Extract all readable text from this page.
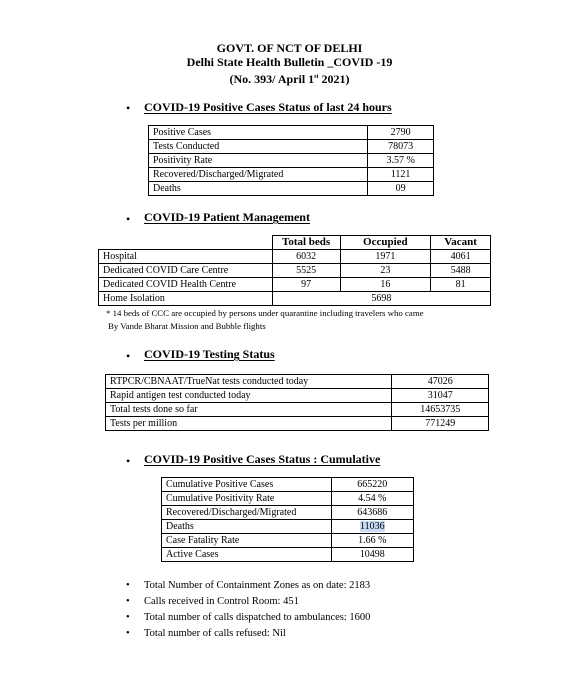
GOVT. OF NCT OF DELHI
Delhi State Health Bulletin _COVID -19
(No. 393/ April 1st 2021)
• COVID-19 Positive Cases Status of last 24 hours
Positive Cases	2790
Tests Conducted	78073
Positivity Rate	3.57 %
Recovered/Discharged/Migrated	1121
Deaths	09
• COVID-19 Patient Management
	Total beds	Occupied	Vacant
Hospital	6032	1971	4061
Dedicated COVID Care Centre	5525	23	5488
Dedicated COVID Health Centre	97	16	81
Home Isolation	5698		
* 14 beds of CCC are occupied by persons under quarantine including travelers who came
By Vande Bharat Mission and Bubble flights
• COVID-19 Testing Status
RTPCR/CBNAAT/TrueNat tests conducted today	47026
Rapid antigen test conducted today	31047
Total tests done so far	14653735
Tests per million	771249
• COVID-19 Positive Cases Status : Cumulative
Cumulative Positive Cases	665220
Cumulative Positivity Rate	4.54 %
Recovered/Discharged/Migrated	643686
Deaths	11036
Case Fatality Rate	1.66 %
Active Cases	10498
• Total Number of Containment Zones as on date: 2183
• Calls received in Control Room: 451
• Total number of calls dispatched to ambulances: 1600
• Total number of calls refused: Nil
